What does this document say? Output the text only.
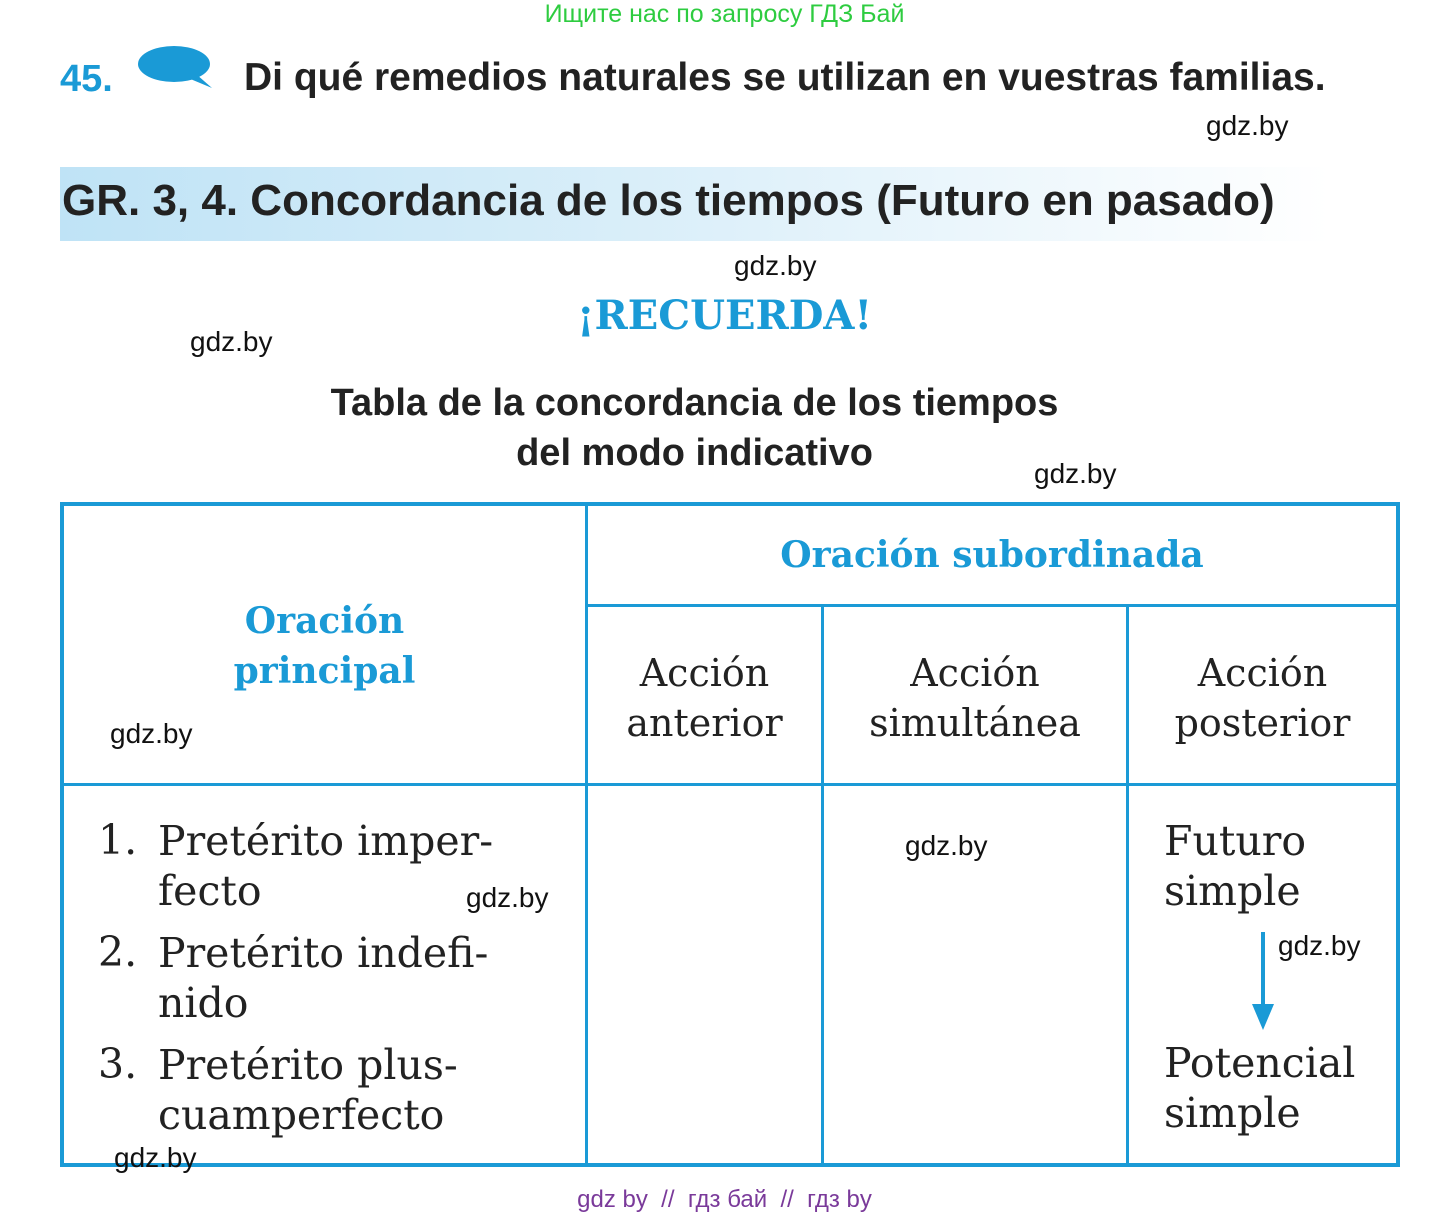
Ищите нас по запросу ГДЗ Бай
45.	Di qué remedios naturales se utilizan en vuestras familias.
gdz.by
GR. 3, 4. Concordancia de los tiempos (Futuro en pasado)
gdz.by
¡RECUERDA!
gdz.by
Tabla de la concordancia de los tiempos
del modo indicativo	gdz.by
Oración
principal
Oración subordinada
Acción
anterior
Acción
simultánea
Acción
posterior
1. Pretérito imper-
fecto
2. Pretérito indefi-
nido
3. Pretérito plus-
cuamperfecto
Futuro
simple
Potencial
simple
gdz.by
gdz.by
gdz.by
gdz.by
gdz.by
gdz by  //  гдз бай  //  гдз by
